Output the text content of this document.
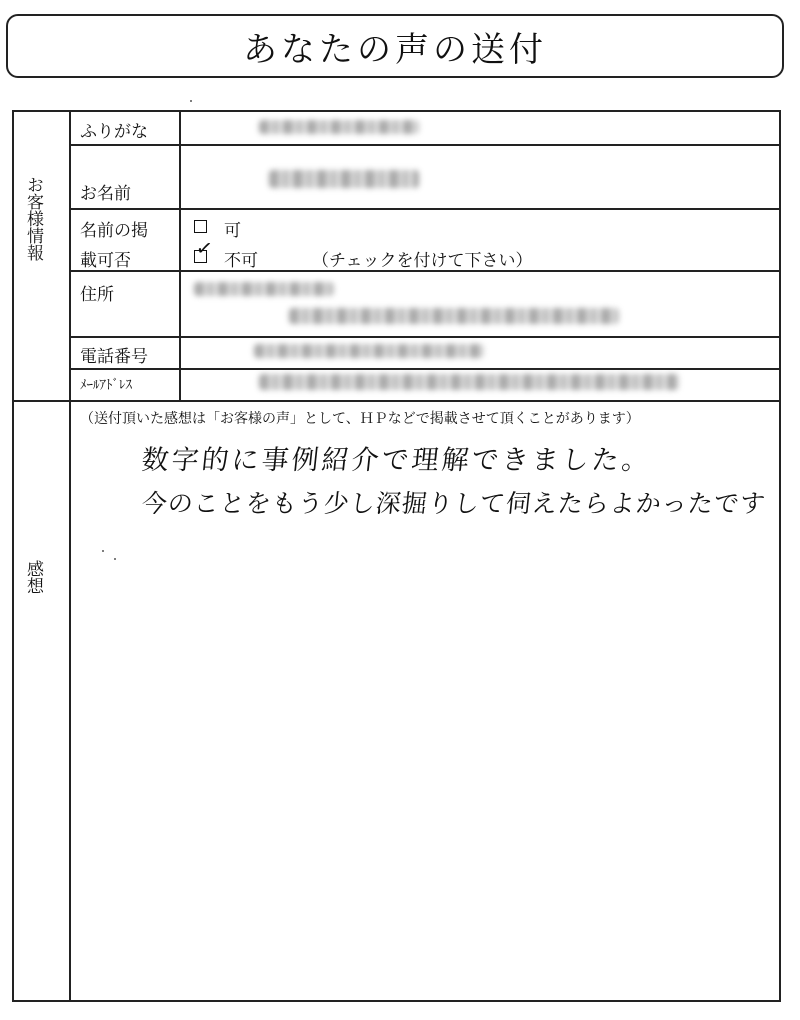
あなたの声の送付
お客様情報
感想
ふりがな
お名前
名前の掲
載可否
住所
電話番号
ﾒｰﾙｱﾄﾞﾚｽ
可
✓ 不可	（チェックを付けて下さい）
（送付頂いた感想は「お客様の声」として、ＨＰなどで掲載させて頂くことがあります）
数字的に事例紹介で理解できました。
今のことをもう少し深掘りして伺えたらよかったです
